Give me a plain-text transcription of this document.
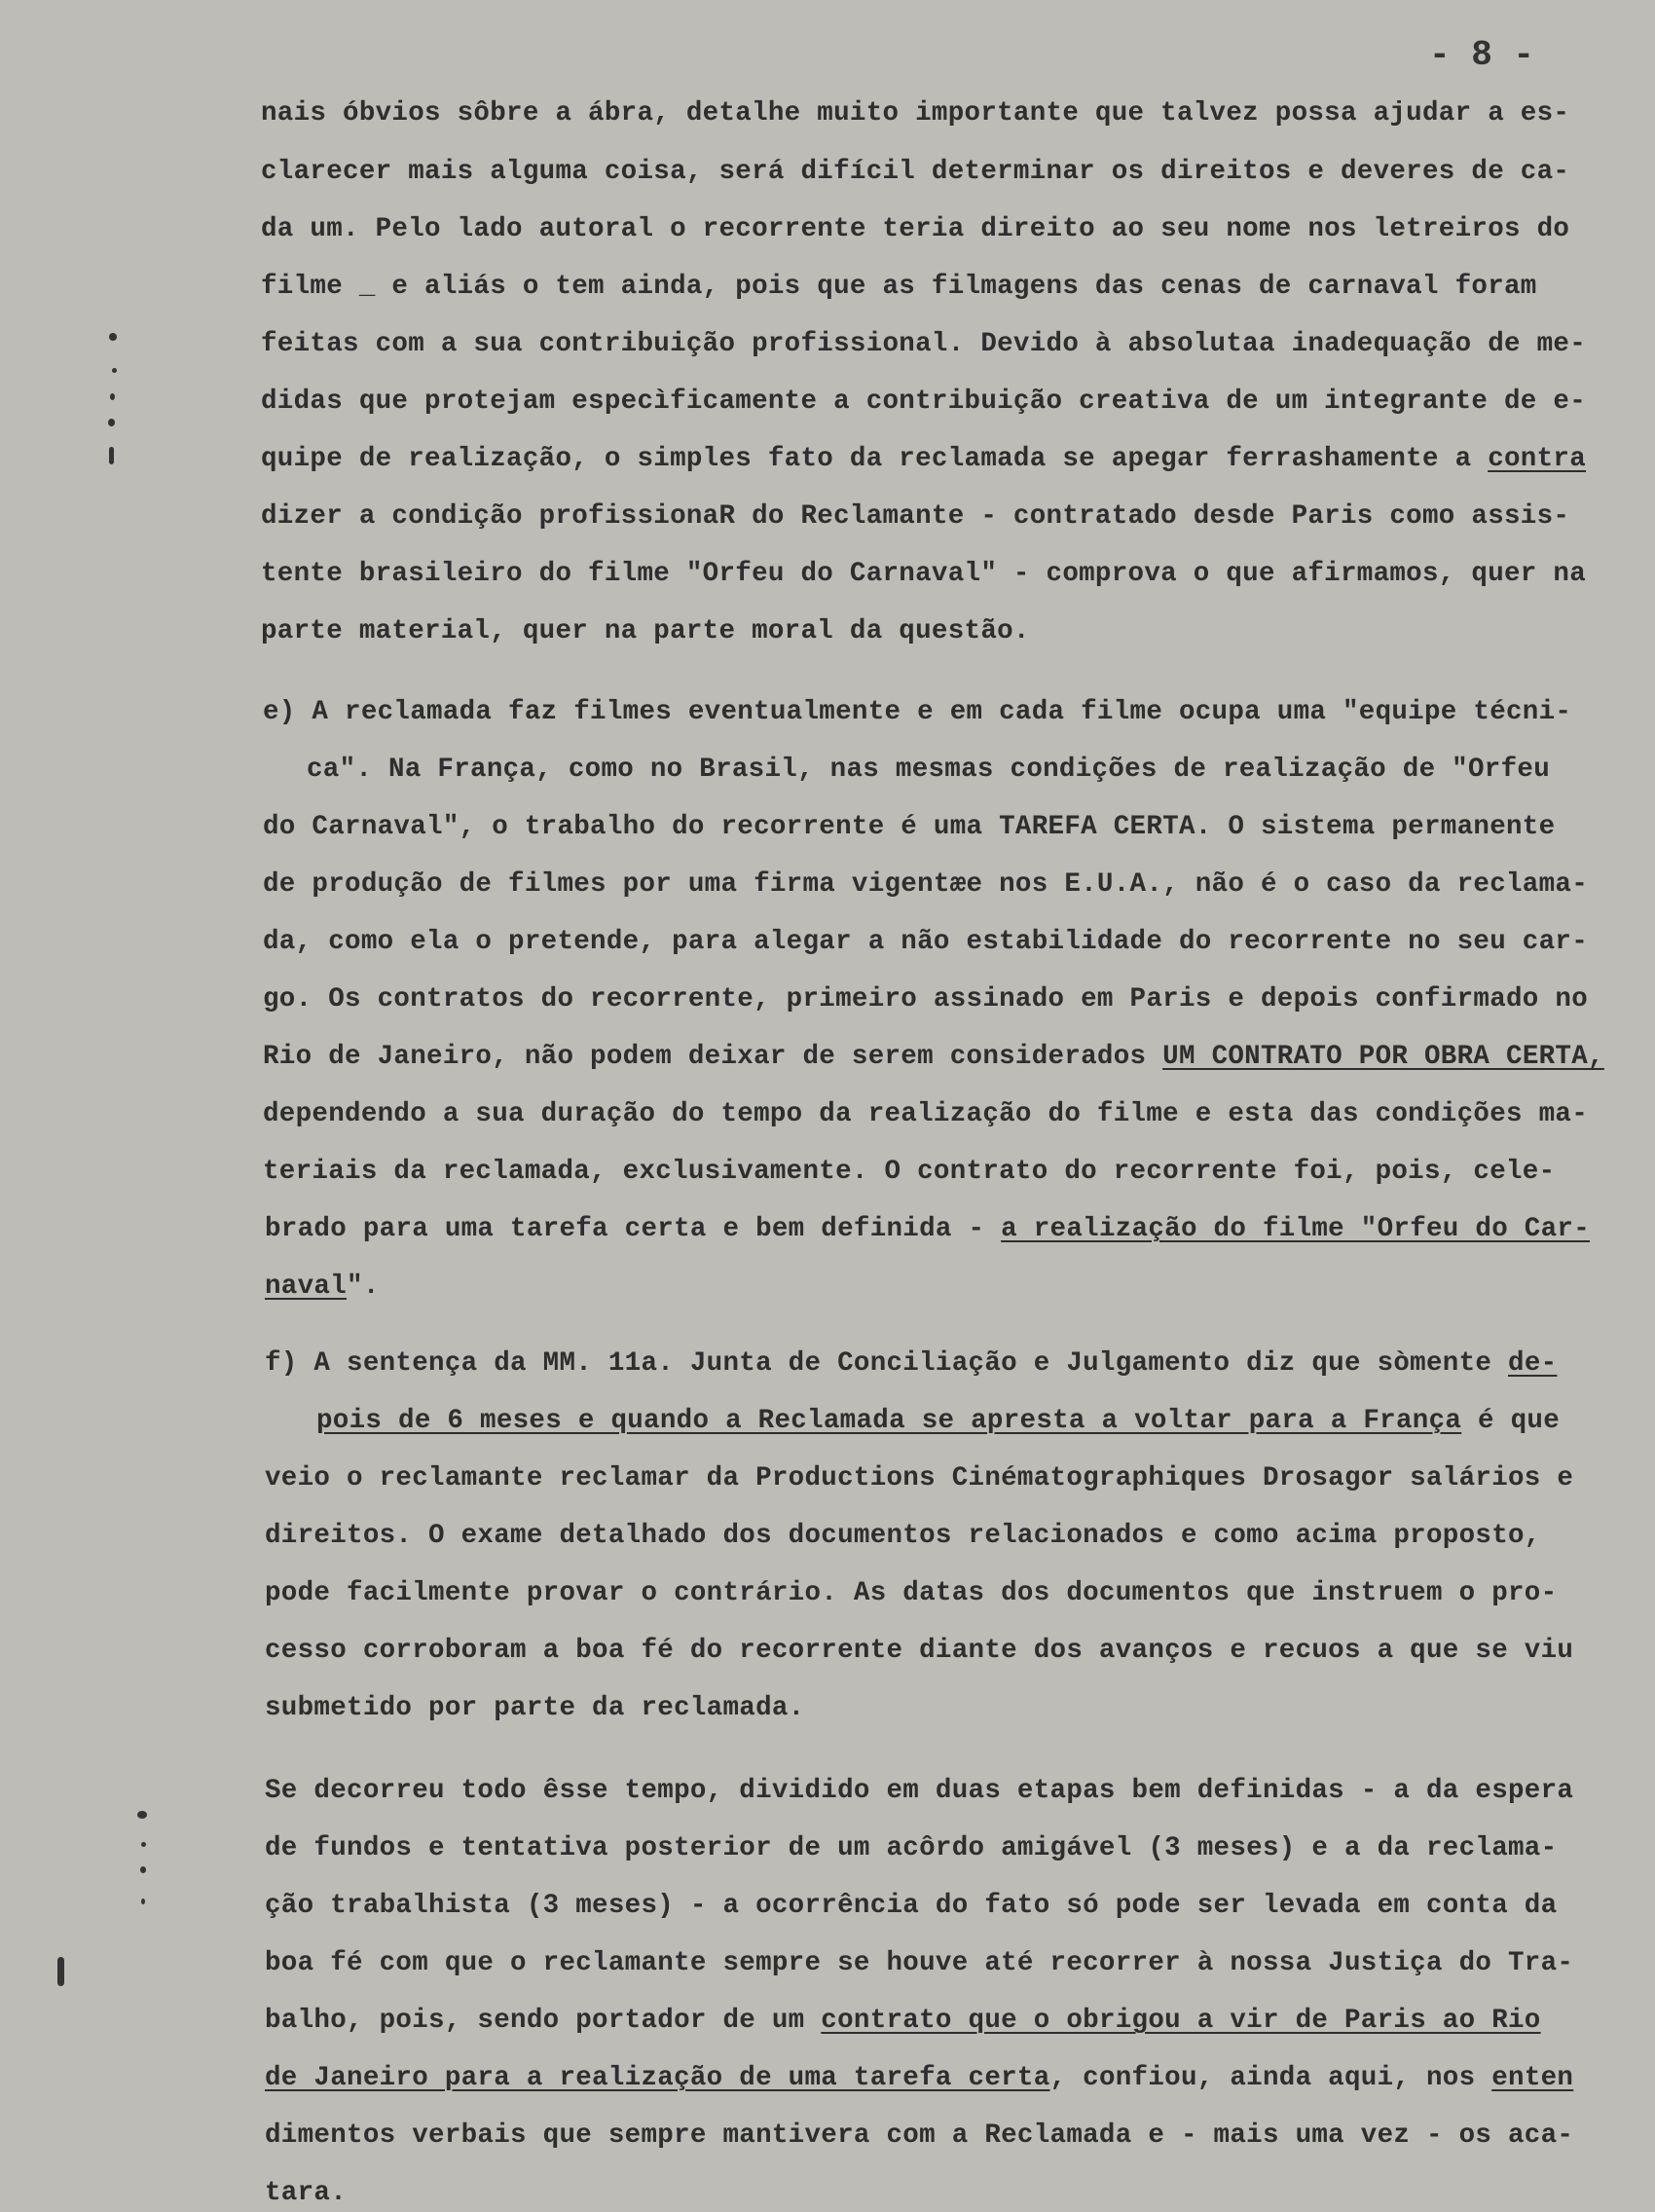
- 8 -
nais óbvios sôbre a ábra, detalhe muito importante que talvez possa ajudar a es-
clarecer mais alguma coisa, será difícil determinar os direitos e deveres de ca-
da um. Pelo lado autoral o recorrente teria direito ao seu nome nos letreiros do
filme _ e aliás o tem ainda, pois que as filmagens das cenas de carnaval foram
feitas com a sua contribuição profissional. Devido à absolutaa inadequação de me-
didas que protejam especìficamente a contribuição creativa de um integrante de e-
quipe de realização, o simples fato da reclamada se apegar ferrashamente a contra
dizer a condição profissionaR do Reclamante - contratado desde Paris como assis-
tente brasileiro do filme "Orfeu do Carnaval" - comprova o que afirmamos, quer na
parte material, quer na parte moral da questão.
e) A reclamada faz filmes eventualmente e em cada filme ocupa uma "equipe técni-
ca". Na França, como no Brasil, nas mesmas condições de realização de "Orfeu
do Carnaval", o trabalho do recorrente é uma TAREFA CERTA. O sistema permanente
de produção de filmes por uma firma vigentæe nos E.U.A., não é o caso da reclama-
da, como ela o pretende, para alegar a não estabilidade do recorrente no seu car-
go. Os contratos do recorrente, primeiro assinado em Paris e depois confirmado no
Rio de Janeiro, não podem deixar de serem considerados UM CONTRATO POR OBRA CERTA,
dependendo a sua duração do tempo da realização do filme e esta das condições ma-
teriais da reclamada, exclusivamente. O contrato do recorrente foi, pois, cele-
brado para uma tarefa certa e bem definida - a realização do filme "Orfeu do Car-
naval".
f) A sentença da MM. 11a. Junta de Conciliação e Julgamento diz que sòmente de-
pois de 6 meses e quando a Reclamada se apresta a voltar para a França é que
veio o reclamante reclamar da Productions Cinématographiques Drosagor salários e
direitos. O exame detalhado dos documentos relacionados e como acima proposto,
pode facilmente provar o contrário. As datas dos documentos que instruem o pro-
cesso corroboram a boa fé do recorrente diante dos avanços e recuos a que se viu
submetido por parte da reclamada.
Se decorreu todo êsse tempo, dividido em duas etapas bem definidas - a da espera
de fundos e tentativa posterior de um acôrdo amigável (3 meses) e a da reclama-
ção trabalhista (3 meses) - a ocorrência do fato só pode ser levada em conta da
boa fé com que o reclamante sempre se houve até recorrer à nossa Justiça do Tra-
balho, pois, sendo portador de um contrato que o obrigou a vir de Paris ao Rio
de Janeiro para a realização de uma tarefa certa, confiou, ainda aqui, nos enten
dimentos verbais que sempre mantivera com a Reclamada e - mais uma vez - os aca-
tara.
